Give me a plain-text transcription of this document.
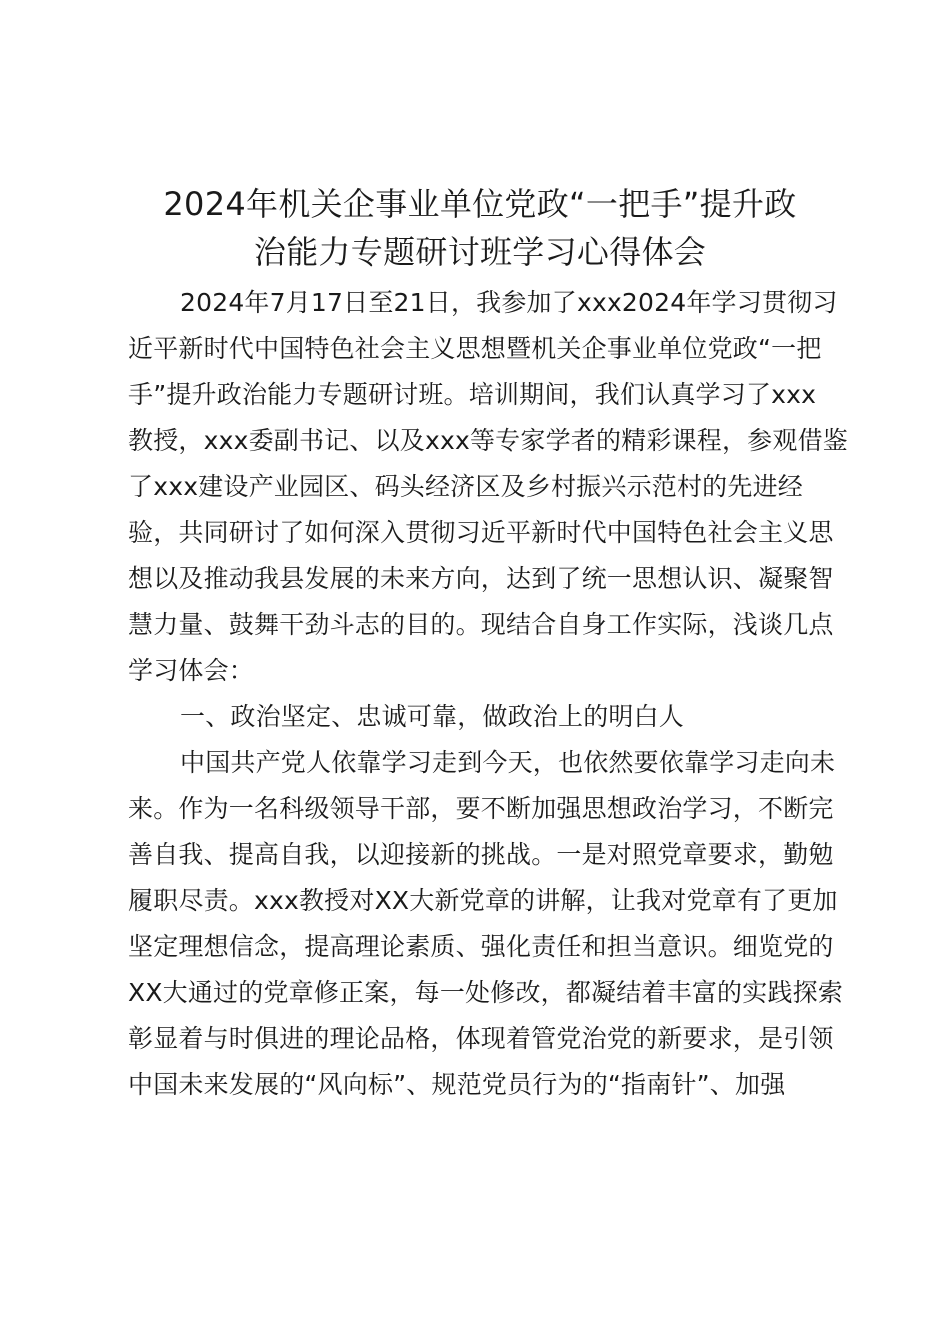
2024年机关企事业单位党政“一把手”提升政
治能力专题研讨班学习心得体会
2024年7月17日至21日，我参加了xxx2024年学习贯彻习
近平新时代中国特色社会主义思想暨机关企事业单位党政“一把
手”提升政治能力专题研讨班。培训期间，我们认真学习了xxx
教授，xxx委副书记、以及xxx等专家学者的精彩课程，参观借鉴
了xxx建设产业园区、码头经济区及乡村振兴示范村的先进经
验，共同研讨了如何深入贯彻习近平新时代中国特色社会主义思
想以及推动我县发展的未来方向，达到了统一思想认识、凝聚智
慧力量、鼓舞干劲斗志的目的。现结合自身工作实际，浅谈几点
学习体会：
一、政治坚定、忠诚可靠，做政治上的明白人
中国共产党人依靠学习走到今天，也依然要依靠学习走向未
来。作为一名科级领导干部，要不断加强思想政治学习，不断完
善自我、提高自我，以迎接新的挑战。一是对照党章要求，勤勉
履职尽责。xxx教授对XX大新党章的讲解，让我对党章有了更加
坚定理想信念，提高理论素质、强化责任和担当意识。细览党的
XX大通过的党章修正案，每一处修改，都凝结着丰富的实践探索
彰显着与时俱进的理论品格，体现着管党治党的新要求，是引领
中国未来发展的“风向标”、规范党员行为的“指南针”、加强
